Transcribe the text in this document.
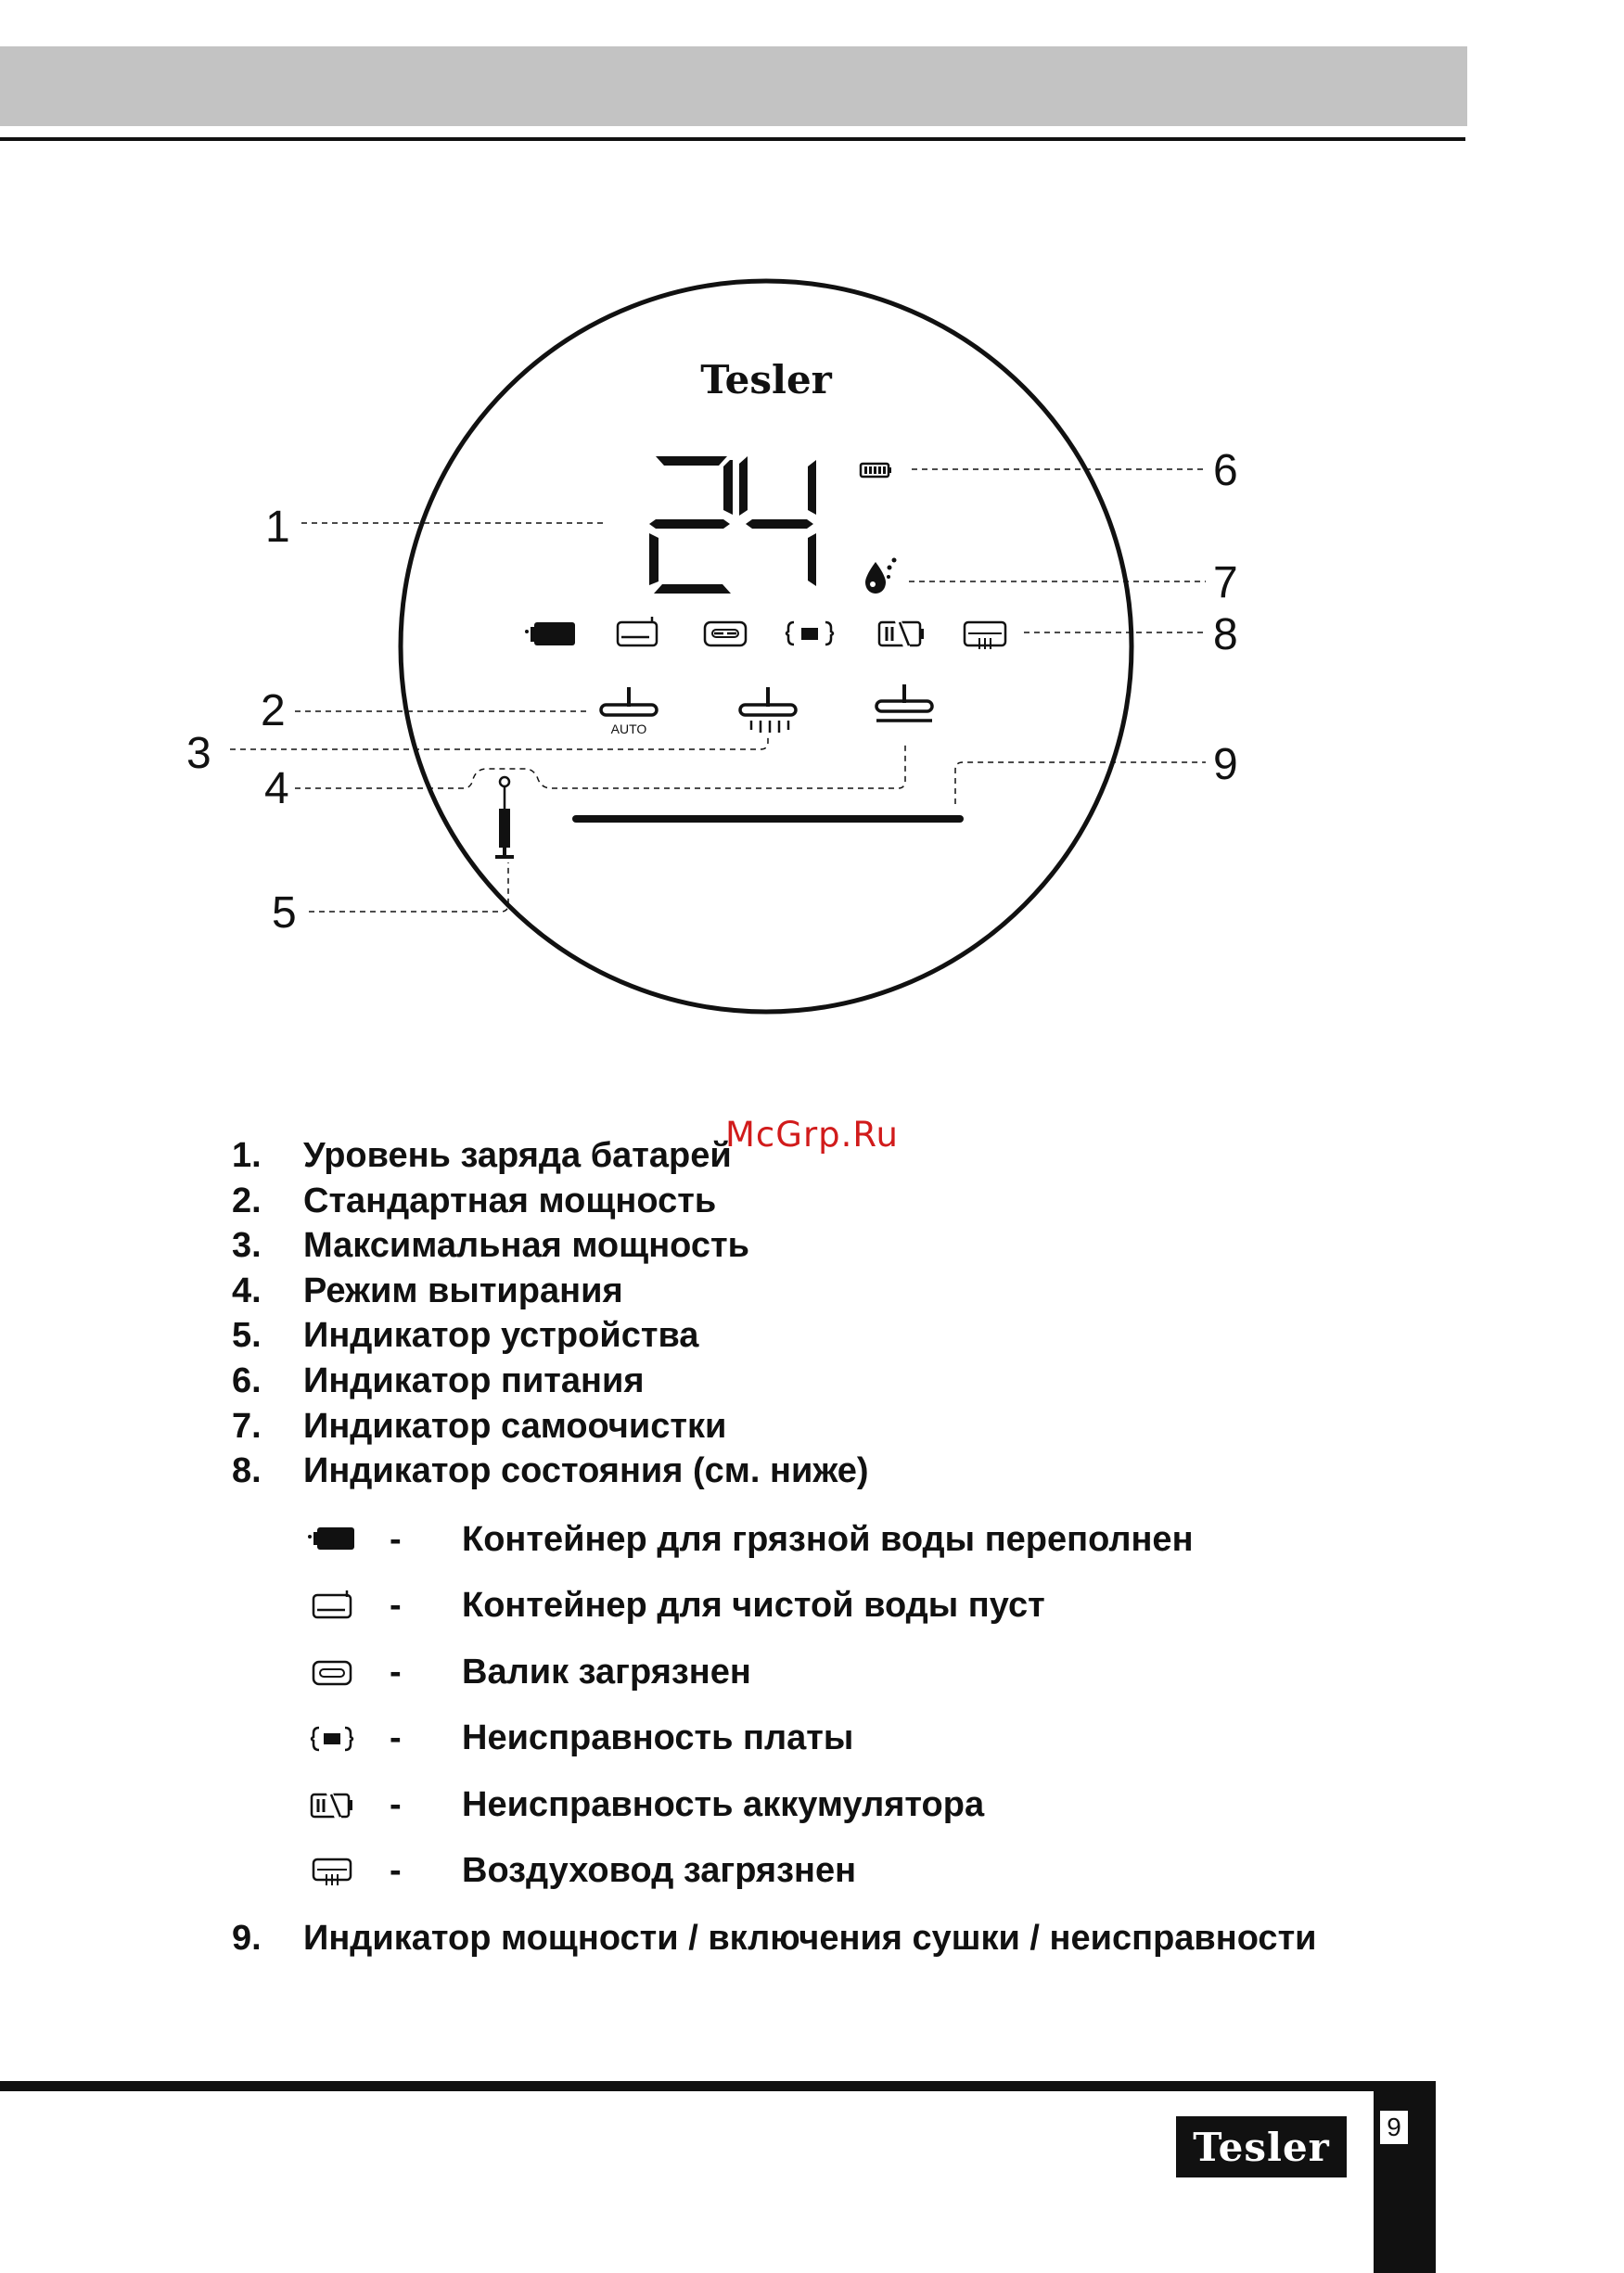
Tesler
AUTO
1
2
3
4
5
6
7
8
9
McGrp.Ru
1. Уровень заряда батарей
2. Стандартная мощность
3. Максимальная мощность
4. Режим вытирания
5. Индикатор устройства
6. Индикатор питания
7. Индикатор самоочистки
8. Индикатор состояния (см. ниже)
- Контейнер для грязной воды переполнен
- Контейнер для чистой воды пуст
- Валик загрязнен
- Неисправность платы
- Неисправность аккумулятора
- Воздуховод загрязнен
9. Индикатор мощности / включения сушки / неисправности
9
Tesler
